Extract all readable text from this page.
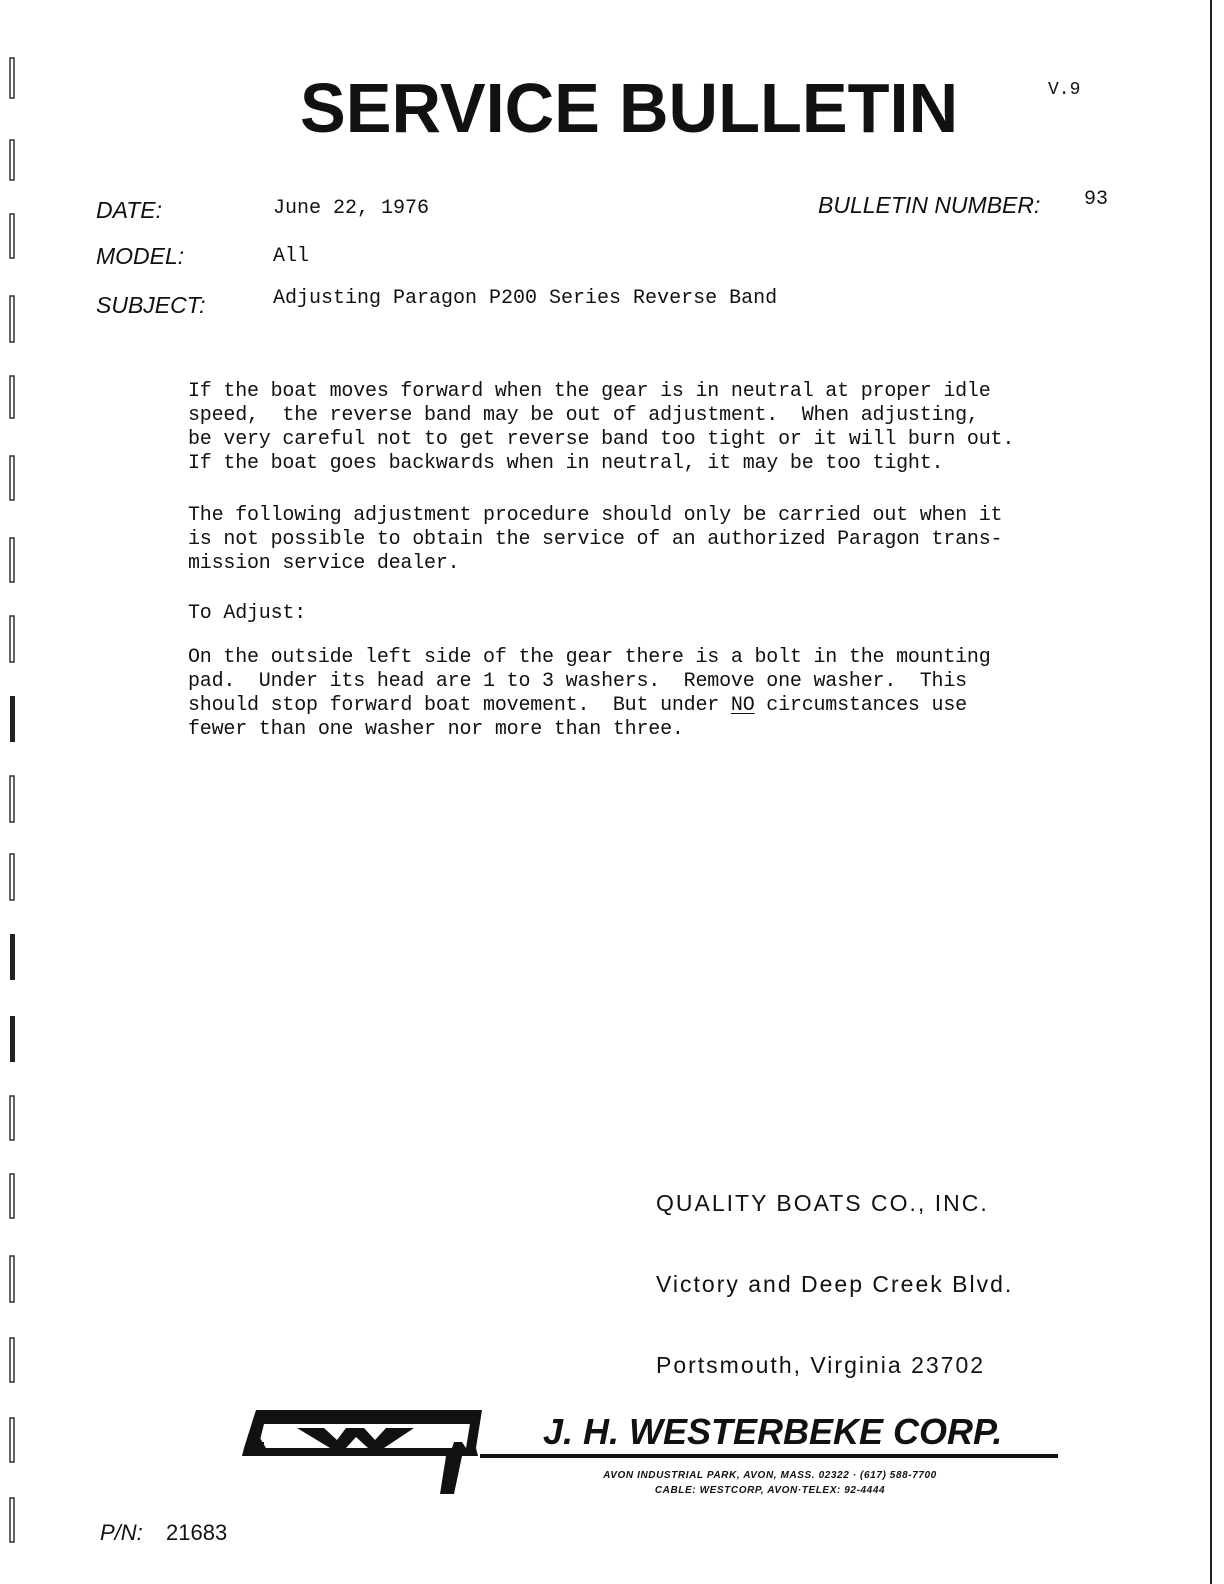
SERVICE BULLETIN	V.9
DATE:	June 22, 1976	BULLETIN NUMBER: 93
MODEL:	All
SUBJECT:	Adjusting Paragon P200 Series Reverse Band
If the boat moves forward when the gear is in neutral at proper idle
speed,  the reverse band may be out of adjustment.  When adjusting,
be very careful not to get reverse band too tight or it will burn out.
If the boat goes backwards when in neutral, it may be too tight.
The following adjustment procedure should only be carried out when it
is not possible to obtain the service of an authorized Paragon trans-
mission service dealer.
To Adjust:
On the outside left side of the gear there is a bolt in the mounting
pad.  Under its head are 1 to 3 washers.  Remove one washer.  This
should stop forward boat movement.  But under NO circumstances use
fewer than one washer nor more than three.

QUALITY BOATS CO., INC.

Victory and Deep Creek Blvd.

Portsmouth, Virginia 23702

J. H. WESTERBEKE CORP.
AVON INDUSTRIAL PARK, AVON, MASS. 02322 · (617) 588-7700
CABLE: WESTCORP, AVON·TELEX: 92-4444
P/N: 21683
